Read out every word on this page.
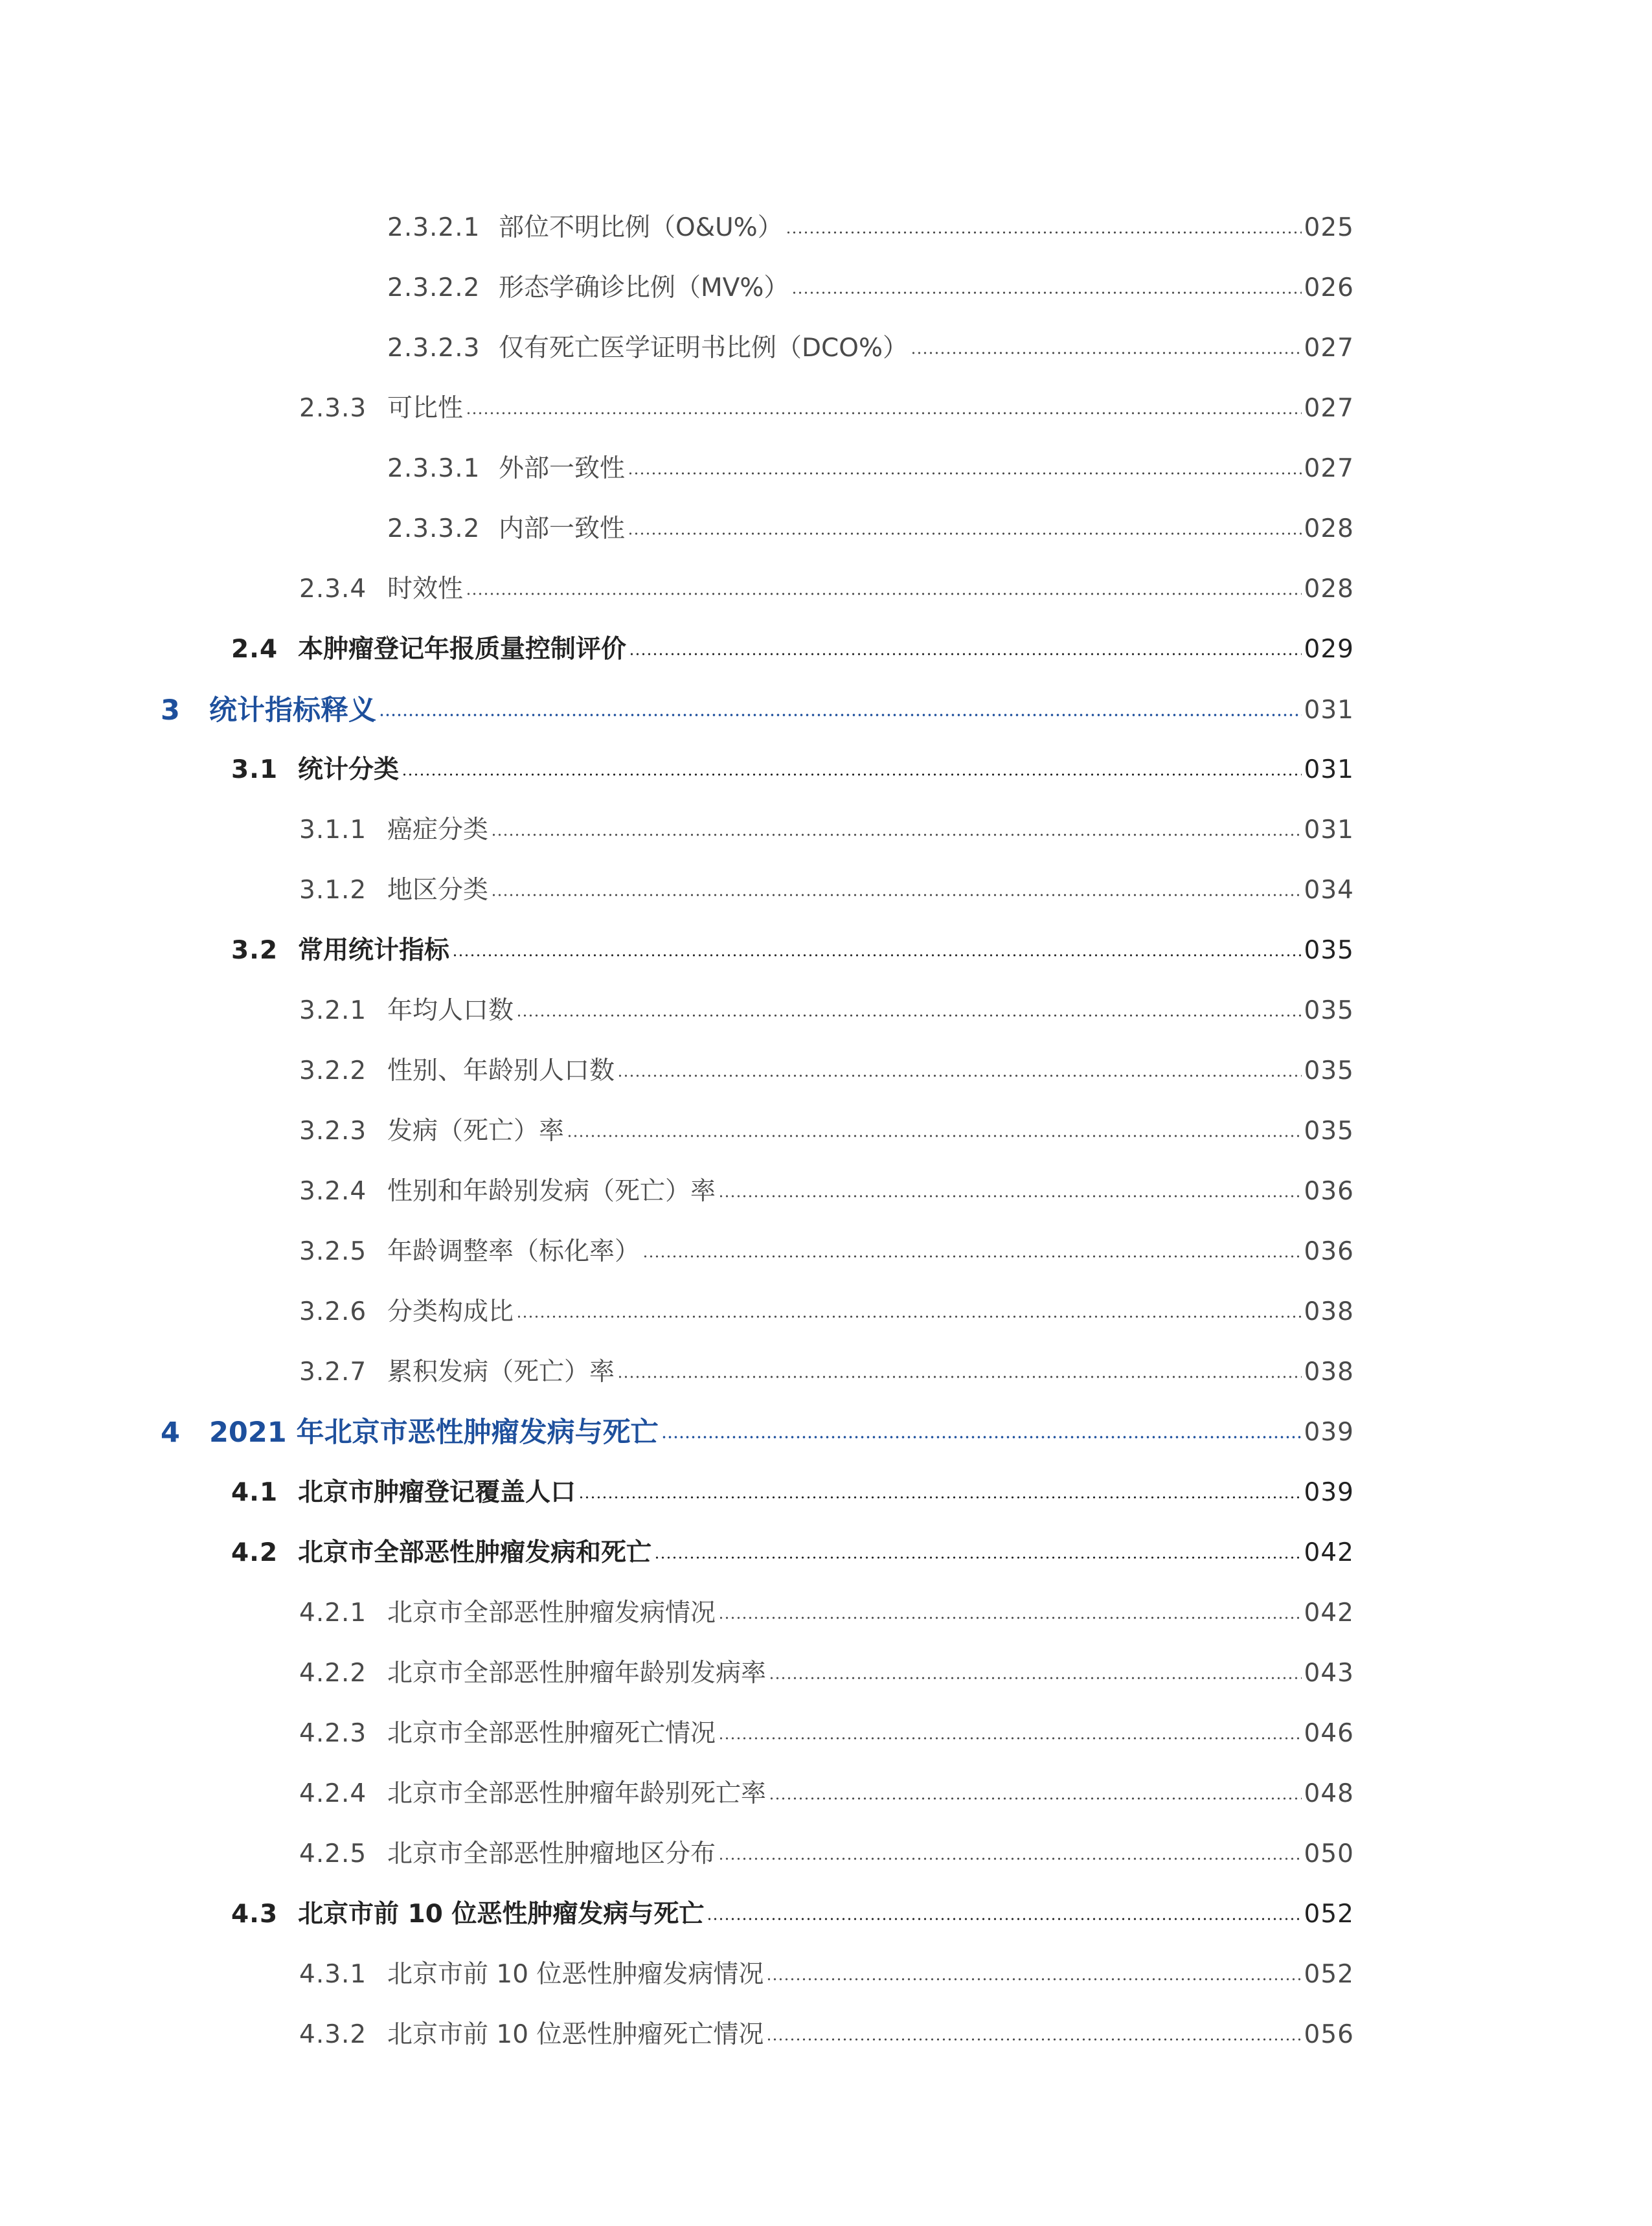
2.3.2.1 部位不明比例（O&U%）	025
2.3.2.2 形态学确诊比例（MV%）	026
2.3.2.3 仅有死亡医学证明书比例（DCO%）	027
2.3.3 可比性	027
2.3.3.1 外部一致性	027
2.3.3.2 内部一致性	028
2.3.4 时效性	028
2.4 本肿瘤登记年报质量控制评价	029
3	统计指标释义	031
3.1 统计分类	031
3.1.1 癌症分类	031
3.1.2 地区分类	034
3.2 常用统计指标	035
3.2.1 年均人口数	035
3.2.2 性别、年龄别人口数	035
3.2.3 发病（死亡）率	035
3.2.4 性别和年龄别发病（死亡）率	036
3.2.5 年龄调整率（标化率）	036
3.2.6 分类构成比	038
3.2.7 累积发病（死亡）率	038
4	2021 年北京市恶性肿瘤发病与死亡	039
4.1 北京市肿瘤登记覆盖人口	039
4.2 北京市全部恶性肿瘤发病和死亡	042
4.2.1 北京市全部恶性肿瘤发病情况	042
4.2.2 北京市全部恶性肿瘤年龄别发病率	043
4.2.3 北京市全部恶性肿瘤死亡情况	046
4.2.4 北京市全部恶性肿瘤年龄别死亡率	048
4.2.5 北京市全部恶性肿瘤地区分布	050
4.3 北京市前 10 位恶性肿瘤发病与死亡	052
4.3.1 北京市前 10 位恶性肿瘤发病情况	052
4.3.2 北京市前 10 位恶性肿瘤死亡情况	056
